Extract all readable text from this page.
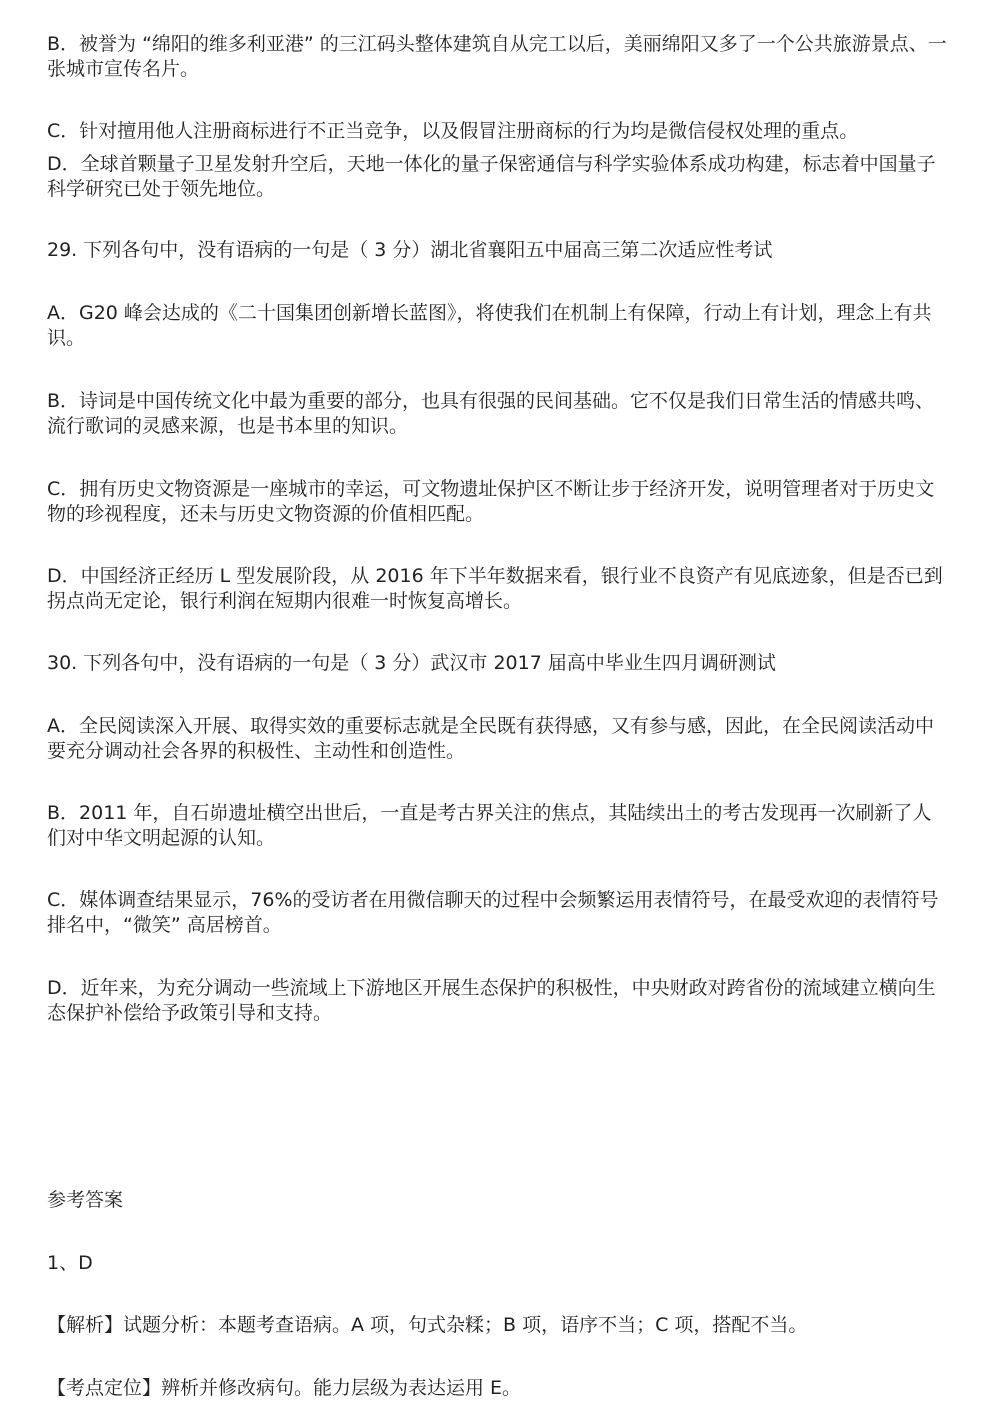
B．被誉为 “绵阳的维多利亚港” 的三江码头整体建筑自从完工以后，美丽绵阳又多了一个公共旅游景点、一张城市宣传名片。

C．针对擅用他人注册商标进行不正当竞争，以及假冒注册商标的行为均是微信侵权处理的重点。

D．全球首颗量子卫星发射升空后，天地一体化的量子保密通信与科学实验体系成功构建，标志着中国量子科学研究已处于领先地位。

29. 下列各句中，没有语病的一句是（ 3 分）湖北省襄阳五中届高三第二次适应性考试

A．G20 峰会达成的《二十国集团创新增长蓝图》，将使我们在机制上有保障，行动上有计划，理念上有共识。

B．诗词是中国传统文化中最为重要的部分，也具有很强的民间基础。它不仅是我们日常生活的情感共鸣、流行歌词的灵感来源，也是书本里的知识。

C．拥有历史文物资源是一座城市的幸运，可文物遗址保护区不断让步于经济开发，说明管理者对于历史文物的珍视程度，还未与历史文物资源的价值相匹配。

D．中国经济正经历 L 型发展阶段，从 2016 年下半年数据来看，银行业不良资产有见底迹象，但是否已到拐点尚无定论，银行利润在短期内很难一时恢复高增长。

30. 下列各句中，没有语病的一句是（ 3 分）武汉市 2017 届高中毕业生四月调研测试

A．全民阅读深入开展、取得实效的重要标志就是全民既有获得感，又有参与感，因此，在全民阅读活动中要充分调动社会各界的积极性、主动性和创造性。

B．2011 年，自石峁遗址横空出世后，一直是考古界关注的焦点，其陆续出土的考古发现再一次刷新了人们对中华文明起源的认知。

C．媒体调查结果显示，76%的受访者在用微信聊天的过程中会频繁运用表情符号，在最受欢迎的表情符号排名中，“微笑” 高居榜首。

D．近年来，为充分调动一些流域上下游地区开展生态保护的积极性，中央财政对跨省份的流域建立横向生态保护补偿给予政策引导和支持。

参考答案

1、D

【解析】试题分析：本题考查语病。A 项，句式杂糅；B 项，语序不当；C 项，搭配不当。

【考点定位】辨析并修改病句。能力层级为表达运用 E。
